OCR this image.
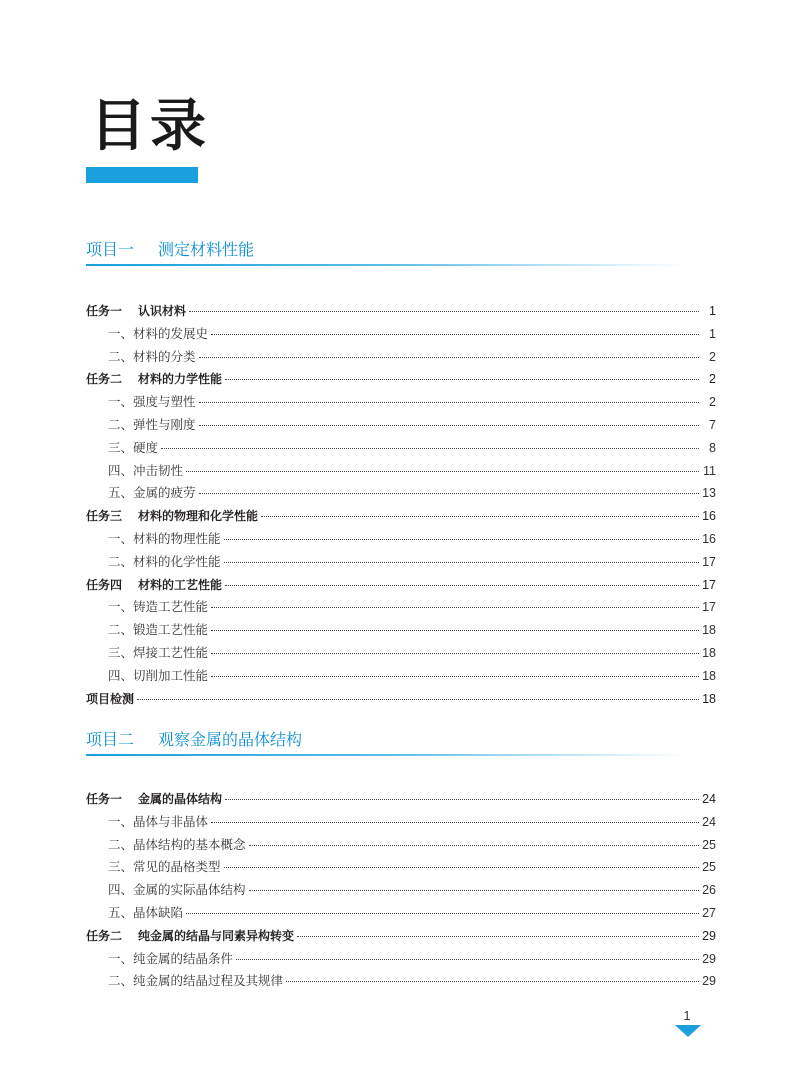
目录
项目一 测定材料性能
任务一	认识材料	1
一、材料的发展史	1
二、材料的分类	2
任务二	材料的力学性能	2
一、强度与塑性	2
二、弹性与刚度	7
三、硬度	8
四、冲击韧性	11
五、金属的疲劳	13
任务三	材料的物理和化学性能	16
一、材料的物理性能	16
二、材料的化学性能	17
任务四	材料的工艺性能	17
一、铸造工艺性能	17
二、锻造工艺性能	18
三、焊接工艺性能	18
四、切削加工性能	18
项目检测	18
项目二 观察金属的晶体结构
任务一	金属的晶体结构	24
一、晶体与非晶体	24
二、晶体结构的基本概念	25
三、常见的晶格类型	25
四、金属的实际晶体结构	26
五、晶体缺陷	27
任务二	纯金属的结晶与同素异构转变	29
一、纯金属的结晶条件	29
二、纯金属的结晶过程及其规律	29
1
